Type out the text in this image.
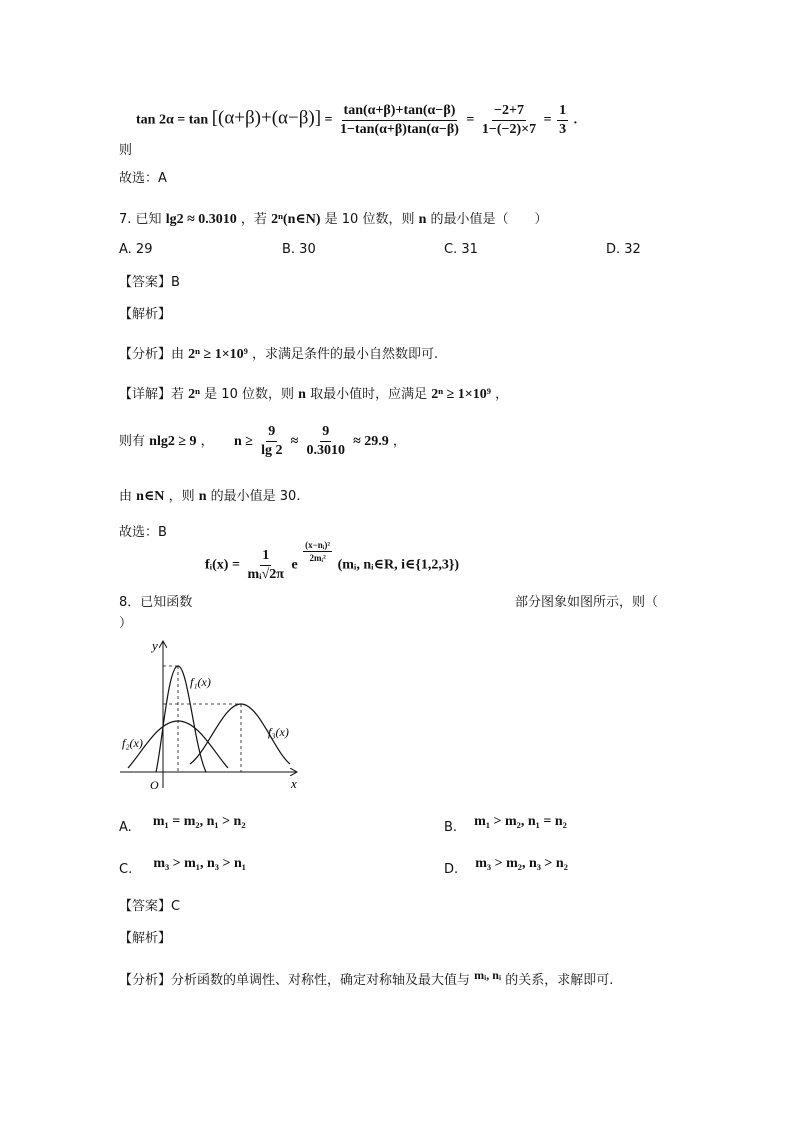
$\tan 2\alpha = \tan [(\alpha+\beta)+(\alpha-\beta)] = \frac{\tan(\alpha+\beta)+\tan(\alpha-\beta)}{1-\tan(\alpha+\beta)\tan(\alpha-\beta)} = \frac{-2+7}{1-(-2)\times 7} = \frac{1}{3}$ .
则
故选：A
7. 已知 lg2 ≈ 0.3010 ，若 2ⁿ(n∈N) 是 10 位数，则 n 的最小值是（　　）
A. 29	B. 30	C. 31	D. 32
【答案】B
【解析】
【分析】由 2ⁿ ≥ 1×10⁹ ，求满足条件的最小自然数即可.
【详解】若 2ⁿ 是 10 位数，则 n 取最小值时，应满足 2ⁿ ≥ 1×10⁹ ，
则有 nlg2 ≥ 9 ， $n \ge \frac{9}{\lg 2} \approx \frac{9}{0.3010} \approx 29.9$ ，
由 n∈N ，则 n 的最小值是 30.
故选：B
fᵢ(x) = $\frac{1}{\text{mᵢ√2π}}$ e
$\frac{\text{(x−nᵢ)²}}{\text{2mᵢ²}}$
(mᵢ, nᵢ∈R, i∈{1,2,3})
8．已知函数	部分图象如图所示，则（
）
y
x
O
f₁(x)
f₂(x)
f₃(x)
A. m₁ = m₂, n₁ > n₂	B. m₁ > m₂, n₁ = n₂
C. m₃ > m₁, n₃ > n₁	D. m₃ > m₂, n₃ > n₂
【答案】C
【解析】
【分析】分析函数的单调性、对称性，确定对称轴及最大值与 mᵢ, nᵢ 的关系，求解即可.
